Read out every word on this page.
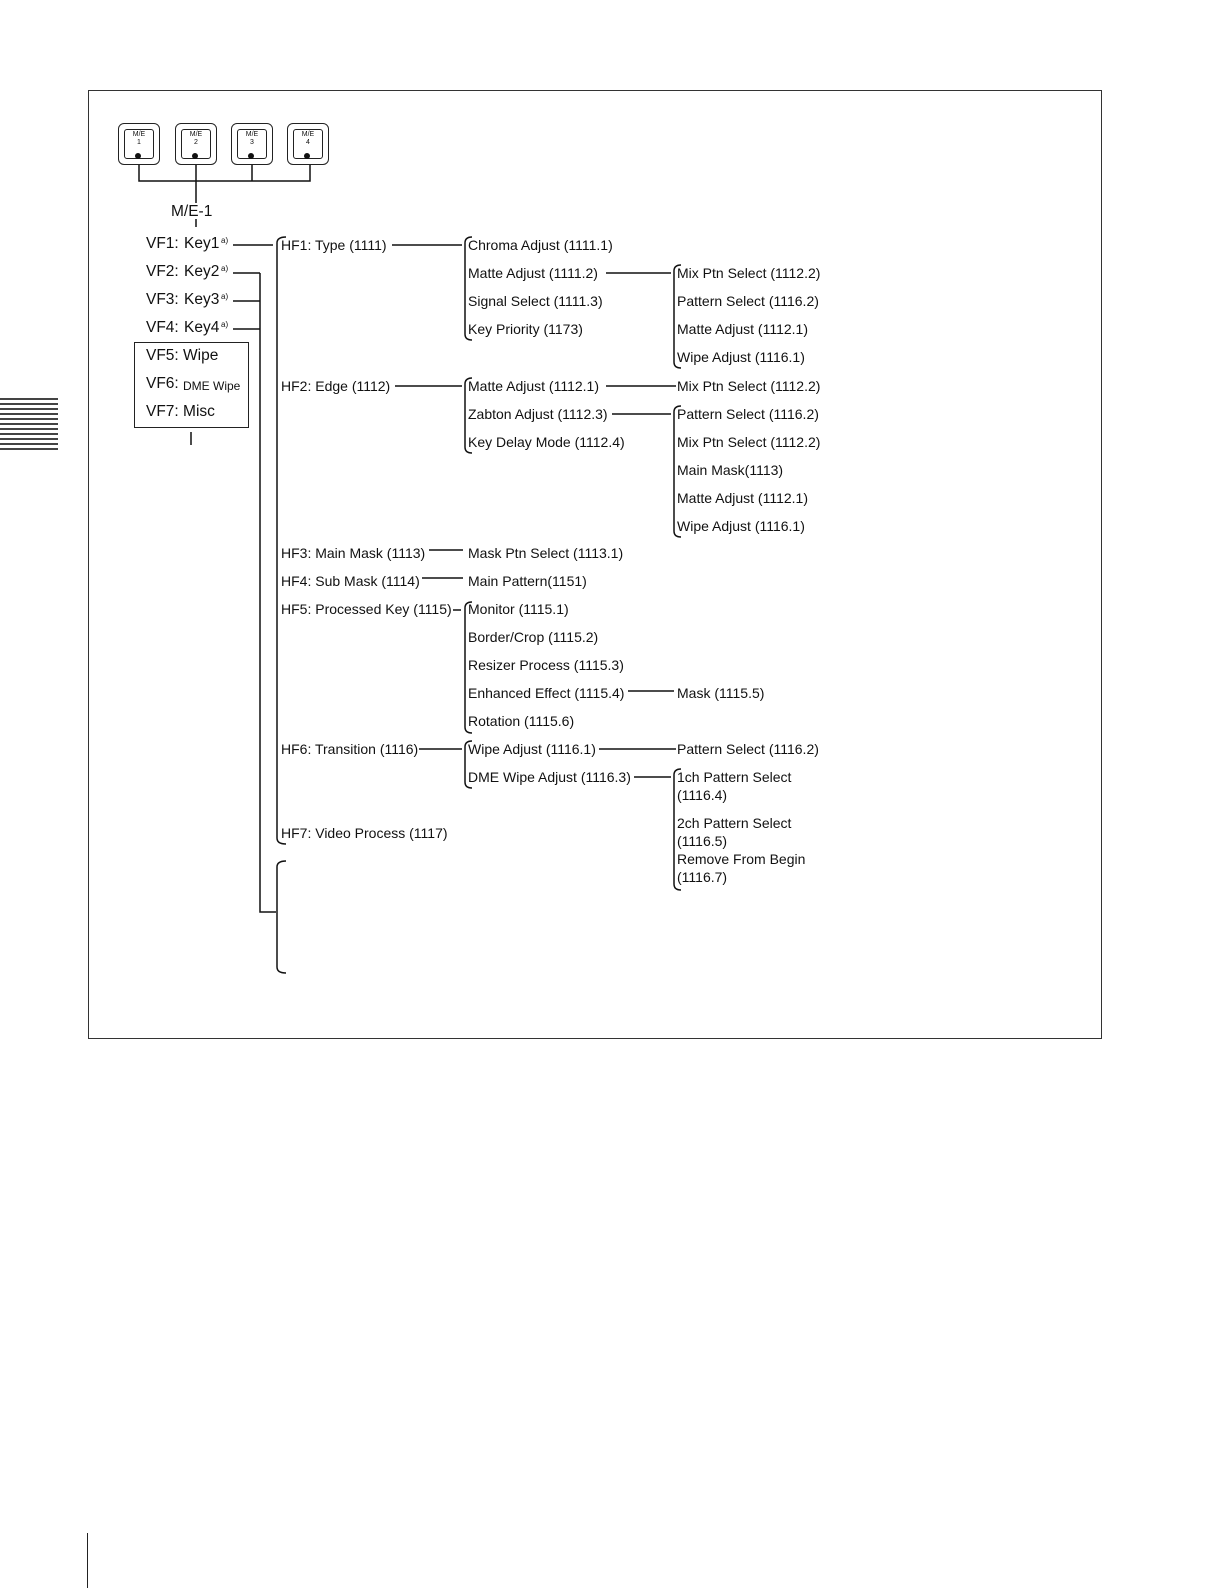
M/E
1
M/E
2
M/E
3
M/E
4
M/E-1
VF1: Key1 a)
VF2: Key2 a)
VF3: Key3 a)
VF4: Key4 a)
VF5: Wipe
VF6: DME Wipe
VF7: Misc
HF1: Type (1111)
HF2: Edge (1112)
HF3: Main Mask (1113)
HF4: Sub Mask (1114)
HF5: Processed Key (1115)
HF6: Transition (1116)
HF7: Video Process (1117)
Chroma Adjust (1111.1)
Matte Adjust (1111.2)
Signal Select (1111.3)
Key Priority (1173)
Matte Adjust (1112.1)
Zabton Adjust (1112.3)
Key Delay Mode (1112.4)
Mask Ptn Select (1113.1)
Main Pattern(1151)
Monitor (1115.1)
Border/Crop (1115.2)
Resizer Process (1115.3)
Enhanced Effect (1115.4)
Rotation (1115.6)
Wipe Adjust (1116.1)
DME Wipe Adjust (1116.3)
Mix Ptn Select (1112.2)
Pattern Select (1116.2)
Matte Adjust (1112.1)
Wipe Adjust (1116.1)
Mix Ptn Select (1112.2)
Pattern Select (1116.2)
Mix Ptn Select (1112.2)
Main Mask(1113)
Matte Adjust (1112.1)
Wipe Adjust (1116.1)
Mask (1115.5)
Pattern Select (1116.2)
1ch Pattern Select
(1116.4)
2ch Pattern Select
(1116.5)
Remove From Begin
(1116.7)
